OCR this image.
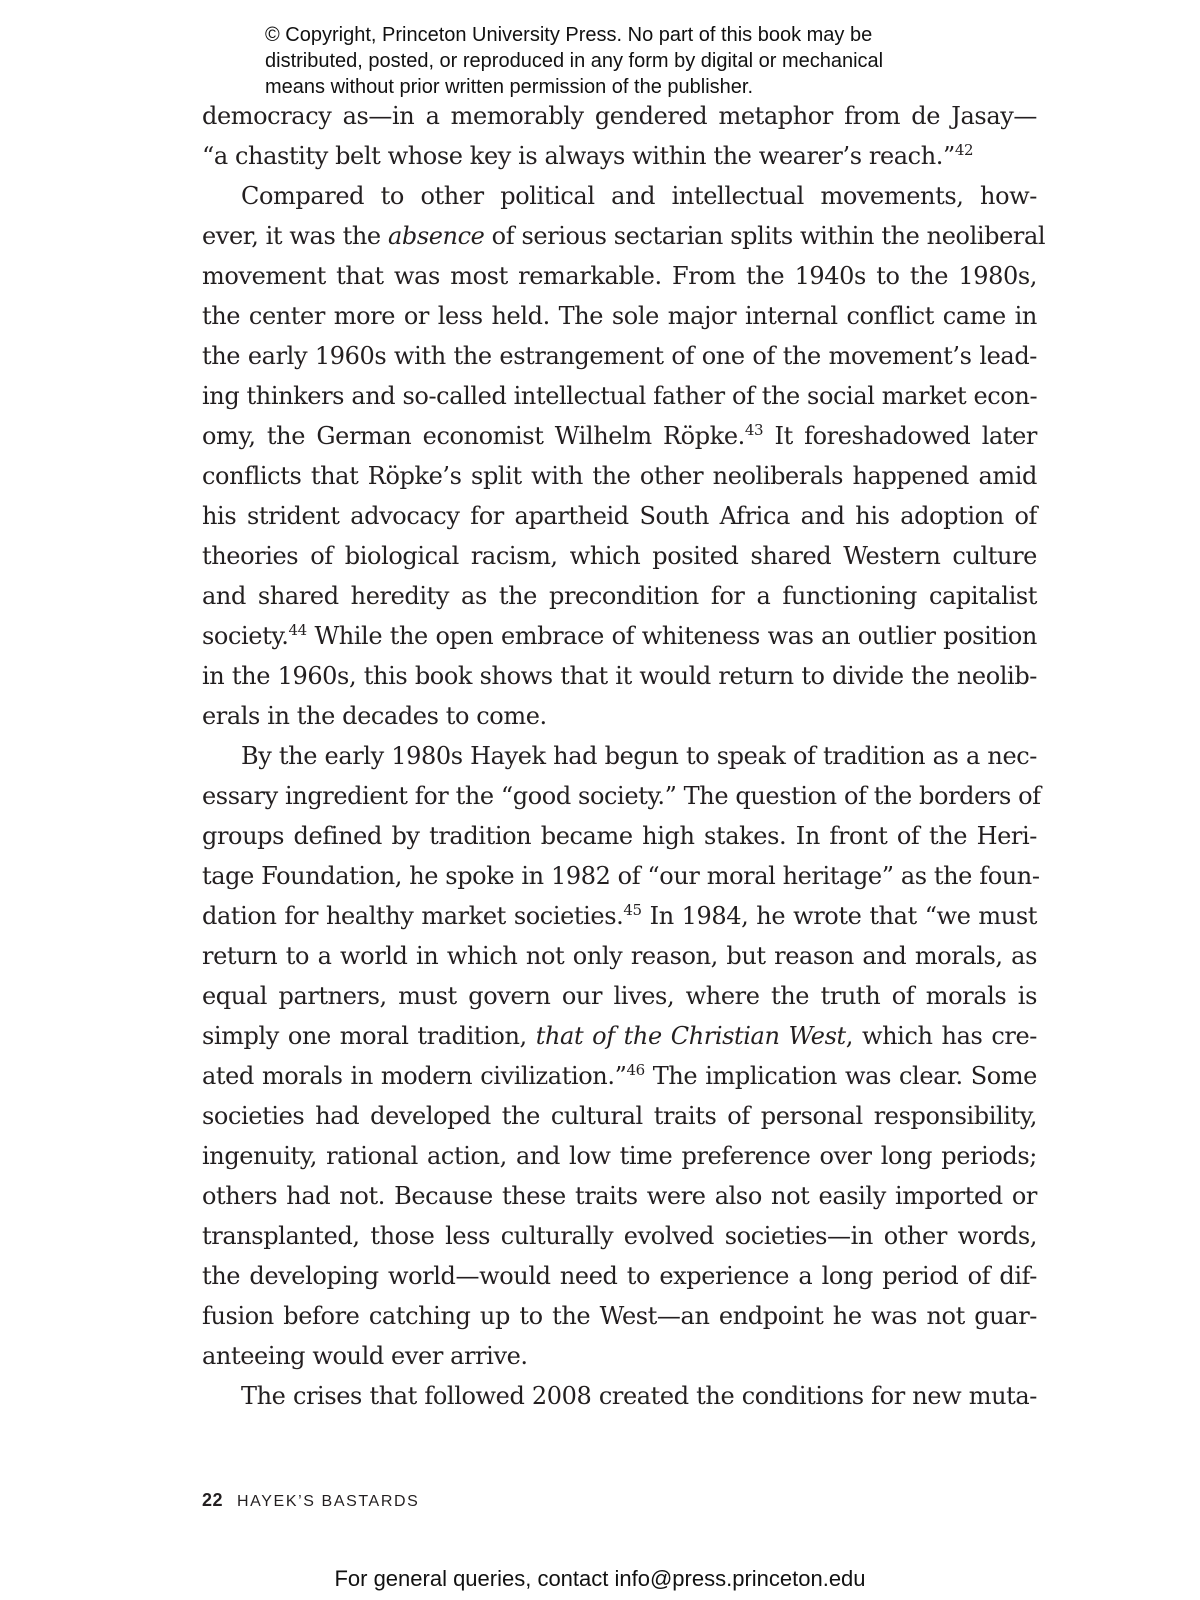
© Copyright, Princeton University Press. No part of this book may be
distributed, posted, or reproduced in any form by digital or mechanical
means without prior written permission of the publisher.

democracy as—in a memorably gendered metaphor from de Jasay—
“a chastity belt whose key is always within the wearer’s reach.”$^{42}$

Compared to other political and intellectual movements, how-
ever, it was the absence of serious sectarian splits within the neoliberal
movement that was most remarkable. From the 1940s to the 1980s,
the center more or less held. The sole major internal conflict came in
the early 1960s with the estrangement of one of the movement’s lead-
ing thinkers and so-called intellectual father of the social market econ-
omy, the German economist Wilhelm Röpke.$^{43}$ It foreshadowed later
conflicts that Röpke’s split with the other neoliberals happened amid
his strident advocacy for apartheid South Africa and his adoption of
theories of biological racism, which posited shared Western culture
and shared heredity as the precondition for a functioning capitalist
society.$^{44}$ While the open embrace of whiteness was an outlier position
in the 1960s, this book shows that it would return to divide the neolib-
erals in the decades to come.

By the early 1980s Hayek had begun to speak of tradition as a nec-
essary ingredient for the “good society.” The question of the borders of
groups defined by tradition became high stakes. In front of the Heri-
tage Foundation, he spoke in 1982 of “our moral heritage” as the foun-
dation for healthy market societies.$^{45}$ In 1984, he wrote that “we must
return to a world in which not only reason, but reason and morals, as
equal partners, must govern our lives, where the truth of morals is
simply one moral tradition, that of the Christian West, which has cre-
ated morals in modern civilization.”$^{46}$ The implication was clear. Some
societies had developed the cultural traits of personal responsibility,
ingenuity, rational action, and low time preference over long periods;
others had not. Because these traits were also not easily imported or
transplanted, those less culturally evolved societies—in other words,
the developing world—would need to experience a long period of dif-
fusion before catching up to the West—an endpoint he was not guar-
anteeing would ever arrive.

The crises that followed 2008 created the conditions for new muta-

22 HAYEK’S BASTARDS
For general queries, contact info@press.princeton.edu
